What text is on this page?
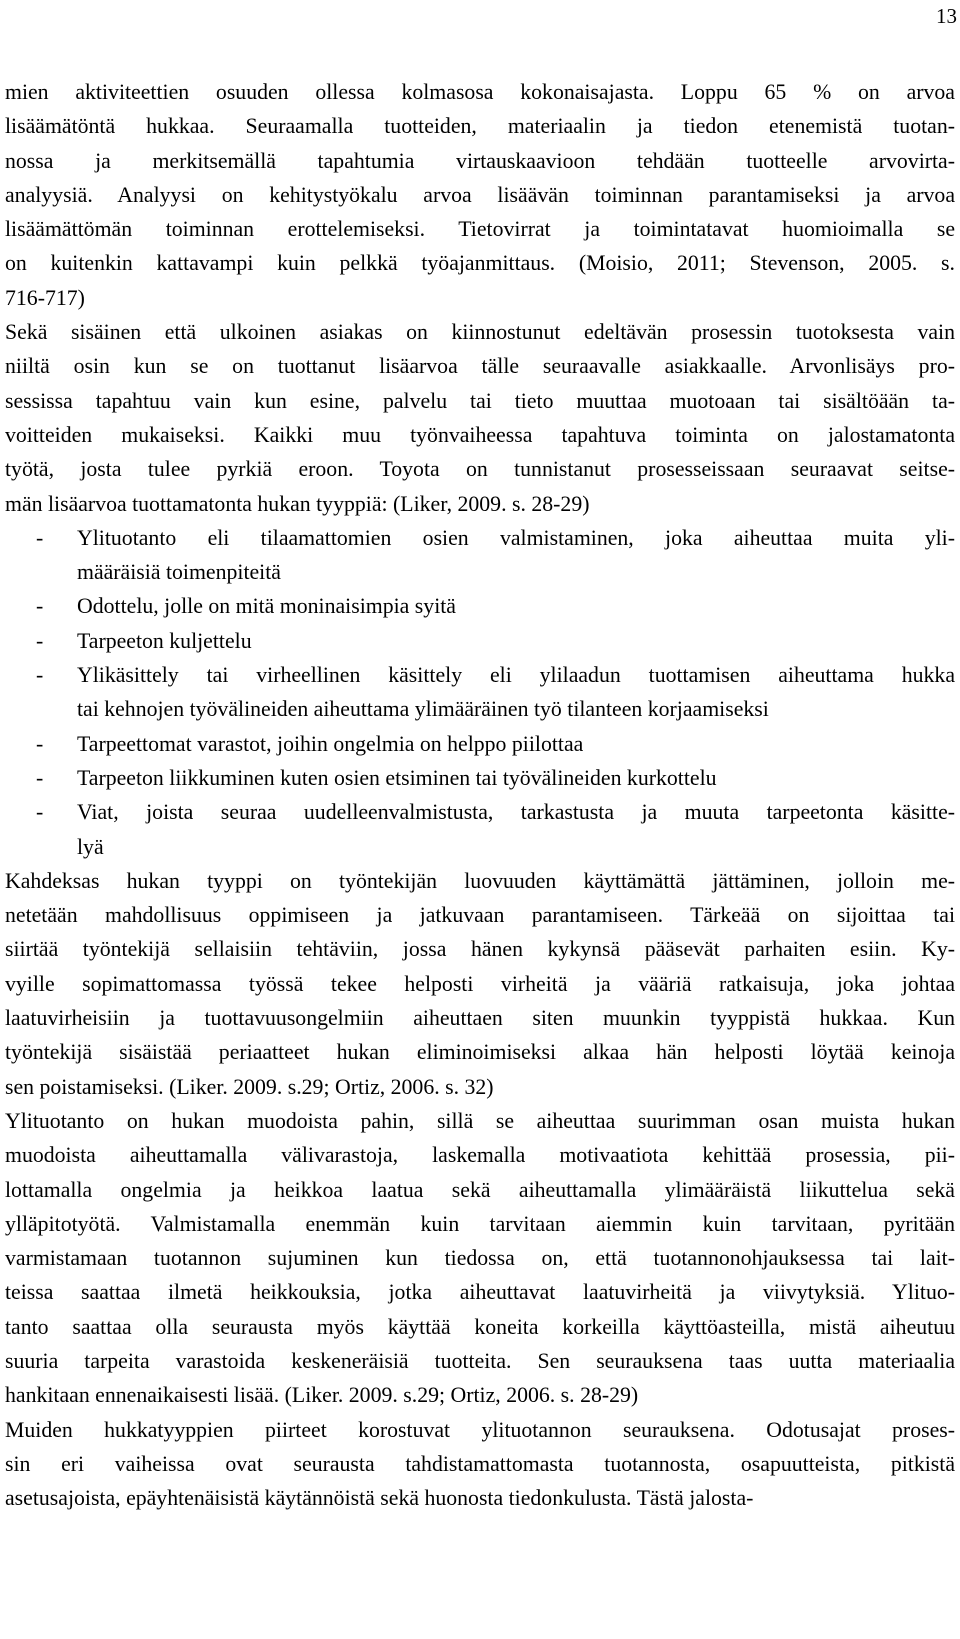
13

mien aktiviteettien osuuden ollessa kolmasosa kokonaisajasta. Loppu 65 % on arvoa
lisäämätöntä hukkaa. Seuraamalla tuotteiden, materiaalin ja tiedon etenemistä tuotan-
nossa ja merkitsemällä tapahtumia virtauskaavioon tehdään tuotteelle arvovirta-
analyysiä. Analyysi on kehitystyökalu arvoa lisäävän toiminnan parantamiseksi ja arvoa
lisäämättömän toiminnan erottelemiseksi. Tietovirrat ja toimintatavat huomioimalla se
on kuitenkin kattavampi kuin pelkkä työajanmittaus. (Moisio, 2011; Stevenson, 2005. s.
716-717)

Sekä sisäinen että ulkoinen asiakas on kiinnostunut edeltävän prosessin tuotoksesta vain
niiltä osin kun se on tuottanut lisäarvoa tälle seuraavalle asiakkaalle. Arvonlisäys pro-
sessissa tapahtuu vain kun esine, palvelu tai tieto muuttaa muotoaan tai sisältöään ta-
voitteiden mukaiseksi. Kaikki muu työnvaiheessa tapahtuva toiminta on jalostamatonta
työtä, josta tulee pyrkiä eroon. Toyota on tunnistanut prosesseissaan seuraavat seitse-
män lisäarvoa tuottamatonta hukan tyyppiä: (Liker, 2009. s. 28-29)

-	Ylituotanto eli tilaamattomien osien valmistaminen, joka aiheuttaa muita yli-
määräisiä toimenpiteitä
-	Odottelu, jolle on mitä moninaisimpia syitä
-	Tarpeeton kuljettelu
-	Ylikäsittely tai virheellinen käsittely eli ylilaadun tuottamisen aiheuttama hukka
tai kehnojen työvälineiden aiheuttama ylimääräinen työ tilanteen korjaamiseksi
-	Tarpeettomat varastot, joihin ongelmia on helppo piilottaa
-	Tarpeeton liikkuminen kuten osien etsiminen tai työvälineiden kurkottelu
-	Viat, joista seuraa uudelleenvalmistusta, tarkastusta ja muuta tarpeetonta käsitte-
lyä

Kahdeksas hukan tyyppi on työntekijän luovuuden käyttämättä jättäminen, jolloin me-
netetään mahdollisuus oppimiseen ja jatkuvaan parantamiseen. Tärkeää on sijoittaa tai
siirtää työntekijä sellaisiin tehtäviin, jossa hänen kykynsä pääsevät parhaiten esiin. Ky-
vyille sopimattomassa työssä tekee helposti virheitä ja vääriä ratkaisuja, joka johtaa
laatuvirheisiin ja tuottavuusongelmiin aiheuttaen siten muunkin tyyppistä hukkaa. Kun
työntekijä sisäistää periaatteet hukan eliminoimiseksi alkaa hän helposti löytää keinoja
sen poistamiseksi. (Liker. 2009. s.29; Ortiz, 2006. s. 32)

Ylituotanto on hukan muodoista pahin, sillä se aiheuttaa suurimman osan muista hukan
muodoista aiheuttamalla välivarastoja, laskemalla motivaatiota kehittää prosessia, pii-
lottamalla ongelmia ja heikkoa laatua sekä aiheuttamalla ylimääräistä liikuttelua sekä
ylläpitotyötä. Valmistamalla enemmän kuin tarvitaan aiemmin kuin tarvitaan, pyritään
varmistamaan tuotannon sujuminen kun tiedossa on, että tuotannonohjauksessa tai lait-
teissa saattaa ilmetä heikkouksia, jotka aiheuttavat laatuvirheitä ja viivytyksiä. Ylituo-
tanto saattaa olla seurausta myös käyttää koneita korkeilla käyttöasteilla, mistä aiheutuu
suuria tarpeita varastoida keskeneräisiä tuotteita. Sen seurauksena taas uutta materiaalia
hankitaan ennenaikaisesti lisää. (Liker. 2009. s.29; Ortiz, 2006. s. 28-29)

Muiden hukkatyyppien piirteet korostuvat ylituotannon seurauksena. Odotusajat proses-
sin eri vaiheissa ovat seurausta tahdistamattomasta tuotannosta, osapuutteista, pitkistä
asetusajoista, epäyhtenäisistä käytännöistä sekä huonosta tiedonkulusta. Tästä jalosta-
